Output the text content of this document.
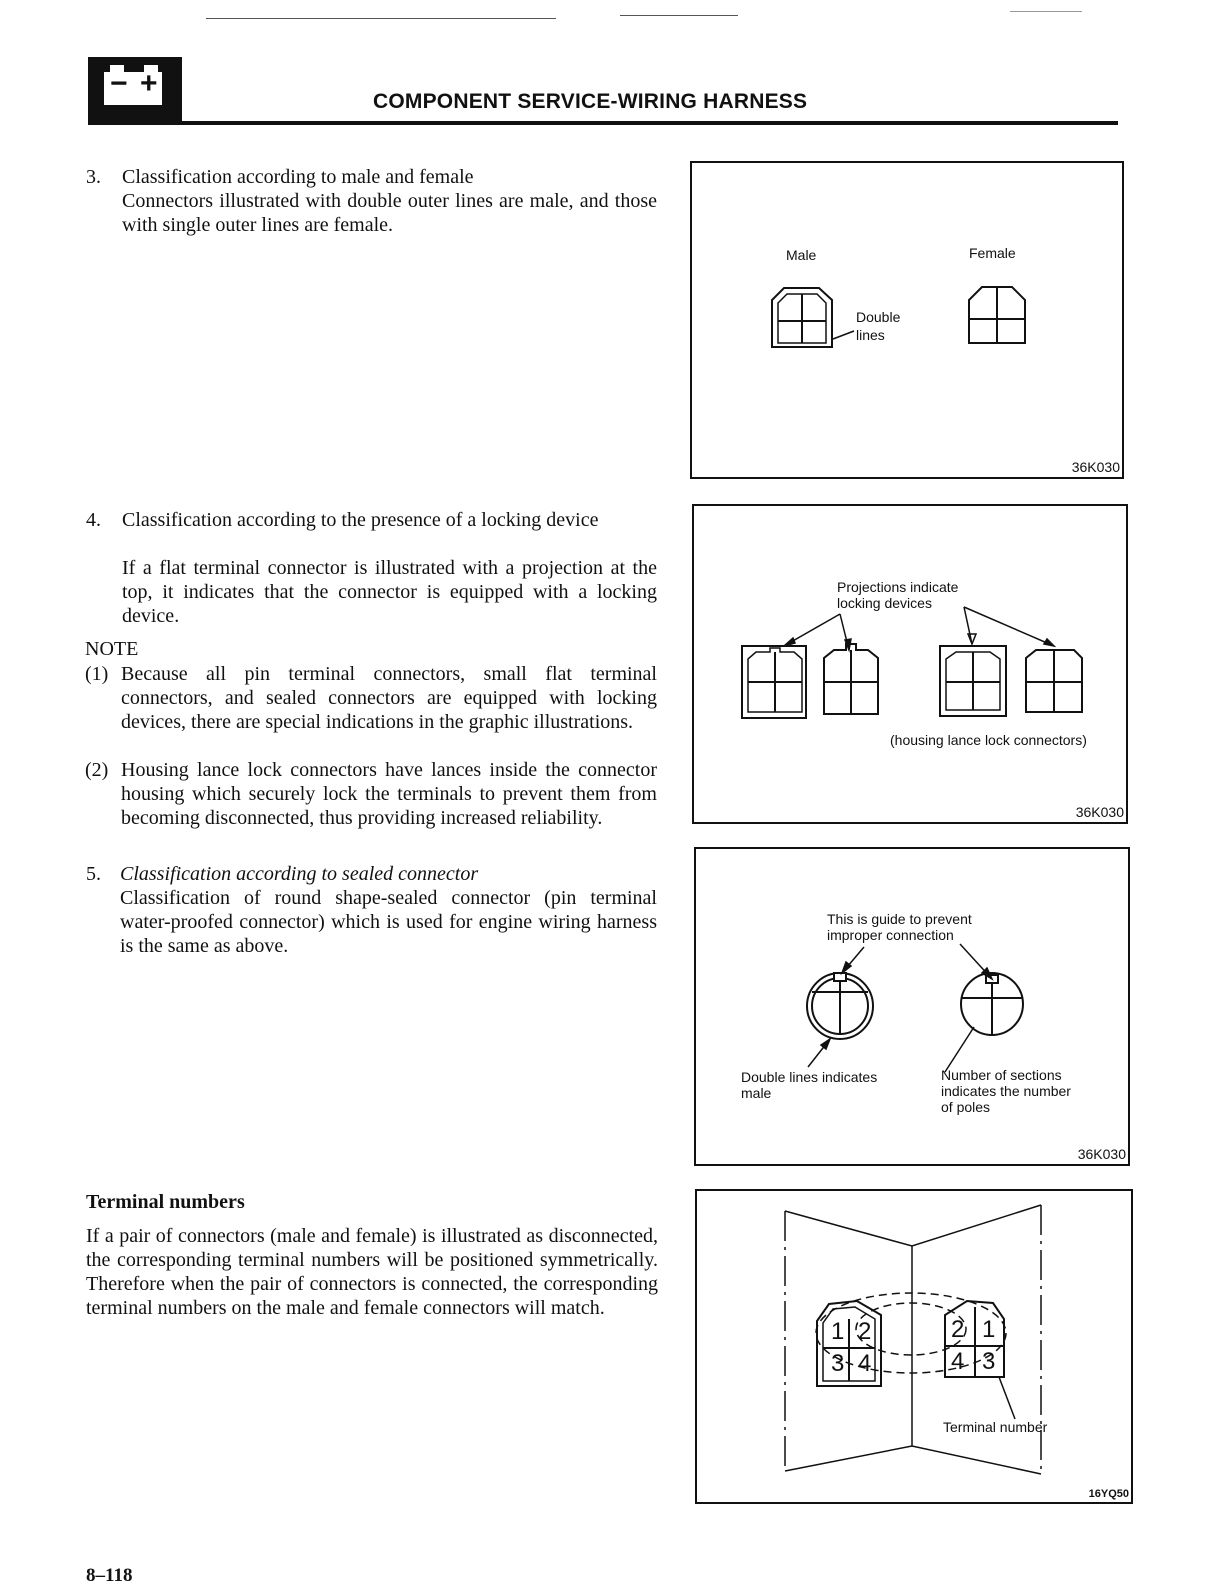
− +
COMPONENT SERVICE-WIRING HARNESS
3. Classification according to male and female
Connectors illustrated with double outer lines are male, and those with single outer lines are female.
4. Classification according to the presence of a locking device
If a flat terminal connector is illustrated with a projection at the top, it indicates that the connector is equipped with a locking device.
NOTE
(1) Because all pin terminal connectors, small flat terminal connectors, and sealed connectors are equipped with locking devices, there are special indications in the graphic illustrations.
(2) Housing lance lock connectors have lances inside the connector housing which securely lock the terminals to prevent them from becoming disconnected, thus providing increased reliability.
5. Classification according to sealed connector
Classification of round shape-sealed connector (pin terminal water-proofed connector) which is used for engine wiring harness is the same as above.
Terminal numbers
If a pair of connectors (male and female) is illustrated as disconnected, the corresponding terminal numbers will be positioned symmetrically. Therefore when the pair of connectors is connected, the corresponding terminal numbers on the male and female connectors will match.
Male	Female
Double
lines
36K030
Projections indicate
locking devices
(housing lance lock connectors)
36K030
This is guide to prevent
improper connection
Double lines indicates
male
Number of sections
indicates the number
of poles
36K030
1 2
3 4
2 1
4 3
Terminal number
16YQ50
8–118
